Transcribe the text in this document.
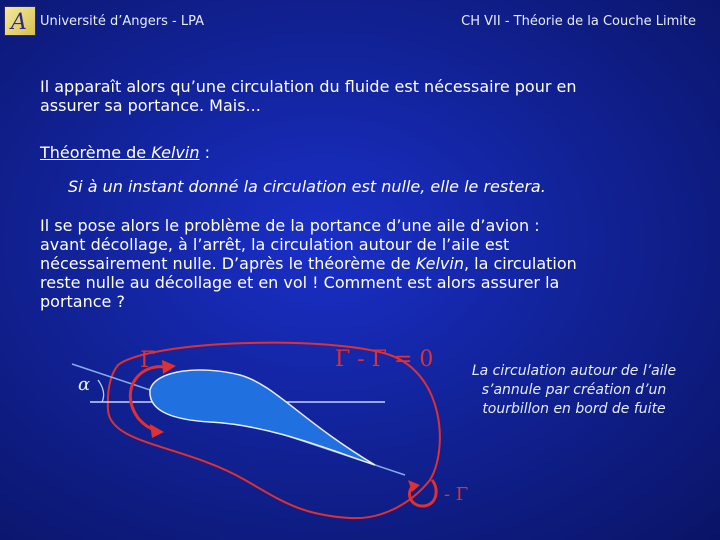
A Université d’Angers - LPA	CH VII - Théorie de la Couche Limite
Il apparaît alors qu’une circulation du fluide est nécessaire pour en
assurer sa portance. Mais...
Théorème de Kelvin :
Si à un instant donné la circulation est nulle, elle le restera.
Il se pose alors le problème de la portance d’une aile d’avion :
avant décollage, à l’arrêt, la circulation autour de l’aile est
nécessairement nulle. D’après le théorème de Kelvin, la circulation
reste nulle au décollage et en vol ! Comment est alors assurer la
portance ?
Γ	Γ - Γ = 0
α
- Γ
La circulation autour de l’aile
s’annule par création d’un
tourbillon en bord de fuite
